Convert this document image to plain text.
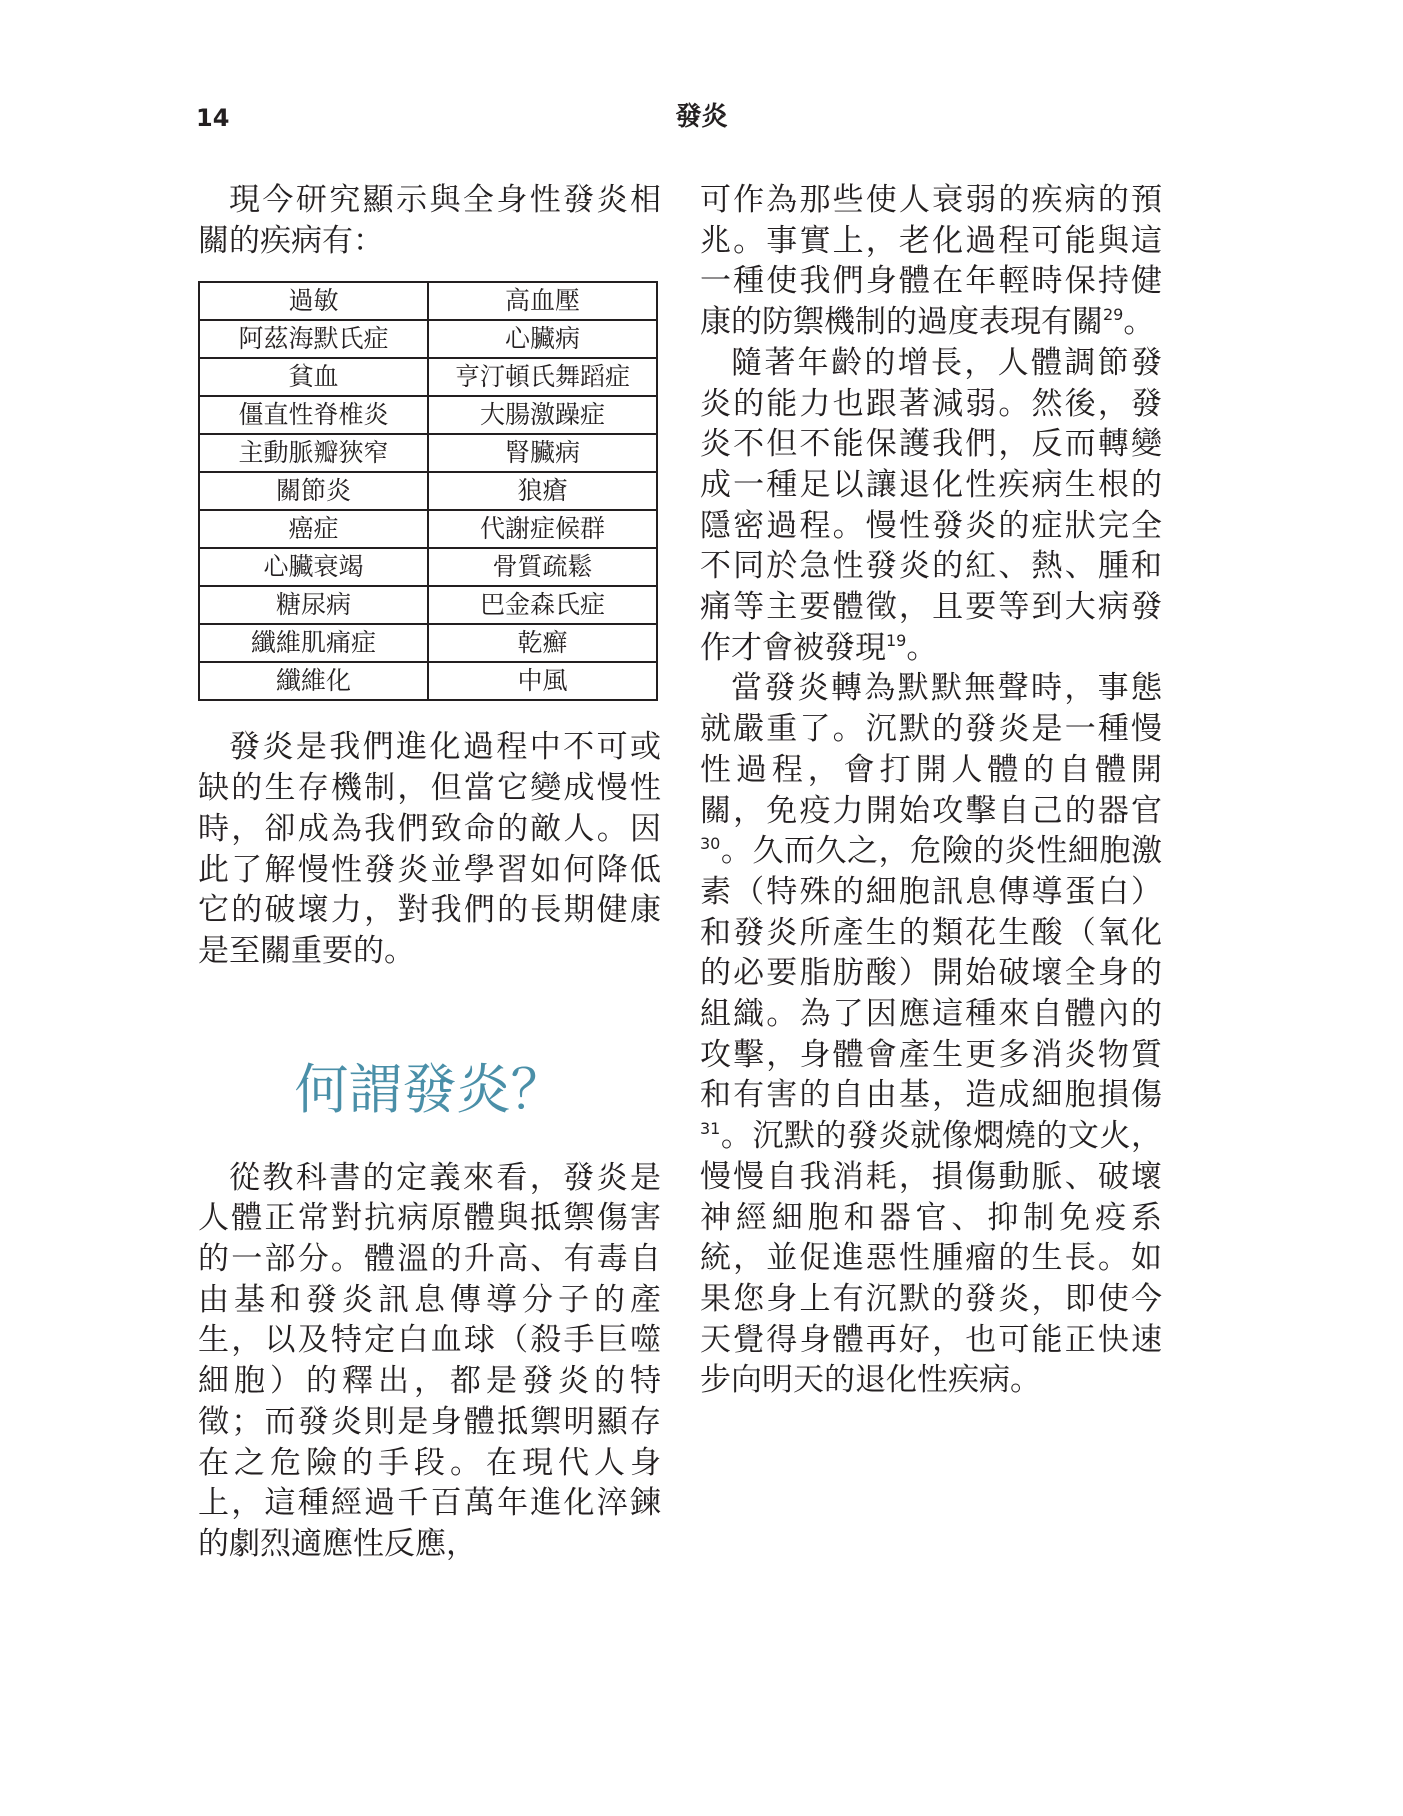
14	發炎

現今研究顯示與全身性發炎相關的疾病有：

過敏	高血壓
阿茲海默氏症	心臟病
貧血	亨汀頓氏舞蹈症
僵直性脊椎炎	大腸激躁症
主動脈瓣狹窄	腎臟病
關節炎	狼瘡
癌症	代謝症候群
心臟衰竭	骨質疏鬆
糖尿病	巴金森氏症
纖維肌痛症	乾癬
纖維化	中風

發炎是我們進化過程中不可或缺的生存機制，但當它變成慢性時，卻成為我們致命的敵人。因此了解慢性發炎並學習如何降低它的破壞力，對我們的長期健康是至關重要的。

何謂發炎？

從教科書的定義來看，發炎是人體正常對抗病原體與抵禦傷害的一部分。體溫的升高、有毒自由基和發炎訊息傳導分子的產生，以及特定白血球（殺手巨噬細胞）的釋出，都是發炎的特徵；而發炎則是身體抵禦明顯存在之危險的手段。在現代人身上，這種經過千百萬年進化淬鍊的劇烈適應性反應，

可作為那些使人衰弱的疾病的預兆。事實上，老化過程可能與這一種使我們身體在年輕時保持健康的防禦機制的過度表現有關$^{29}$。

隨著年齡的增長，人體調節發炎的能力也跟著減弱。然後，發炎不但不能保護我們，反而轉變成一種足以讓退化性疾病生根的隱密過程。慢性發炎的症狀完全不同於急性發炎的紅、熱、腫和痛等主要體徵，且要等到大病發作才會被發現$^{19}$。

當發炎轉為默默無聲時，事態就嚴重了。沉默的發炎是一種慢性過程，會打開人體的自體開關，免疫力開始攻擊自己的器官$^{30}$。久而久之，危險的炎性細胞激素（特殊的細胞訊息傳導蛋白）和發炎所產生的類花生酸（氧化的必要脂肪酸）開始破壞全身的組織。為了因應這種來自體內的攻擊，身體會產生更多消炎物質和有害的自由基，造成細胞損傷$^{31}$。沉默的發炎就像燜燒的文火，慢慢自我消耗，損傷動脈、破壞神經細胞和器官、抑制免疫系統，並促進惡性腫瘤的生長。如果您身上有沉默的發炎，即使今天覺得身體再好，也可能正快速步向明天的退化性疾病。
